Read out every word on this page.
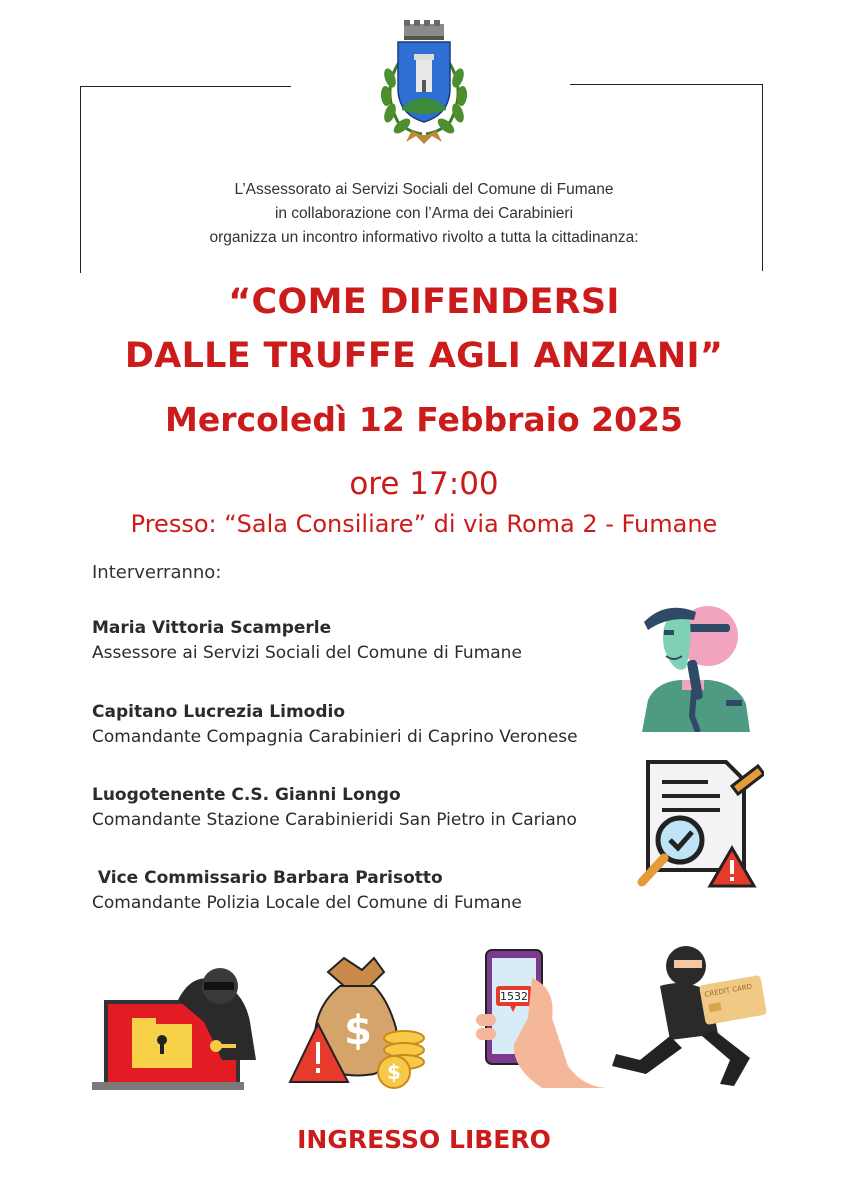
L’Assessorato ai Servizi Sociali del Comune di Fumane
in collaborazione con l’Arma dei Carabinieri
organizza un incontro informativo rivolto a tutta la cittadinanza:
“COME DIFENDERSI
DALLE TRUFFE AGLI ANZIANI”
Mercoledì 12 Febbraio 2025
ore 17:00
Presso: “Sala Consiliare” di via Roma 2 - Fumane
Interverranno:
Maria Vittoria Scamperle
Assessore ai Servizi Sociali del Comune di Fumane
Capitano Lucrezia Limodio
Comandante Compagnia Carabinieri di Caprino Veronese
Luogotenente C.S. Gianni Longo
Comandante Stazione Carabinieridi San Pietro in Cariano
Vice Commissario Barbara Parisotto
Comandante Polizia Locale del Comune di Fumane
$
$
1532	CREDIT CARD
INGRESSO LIBERO
